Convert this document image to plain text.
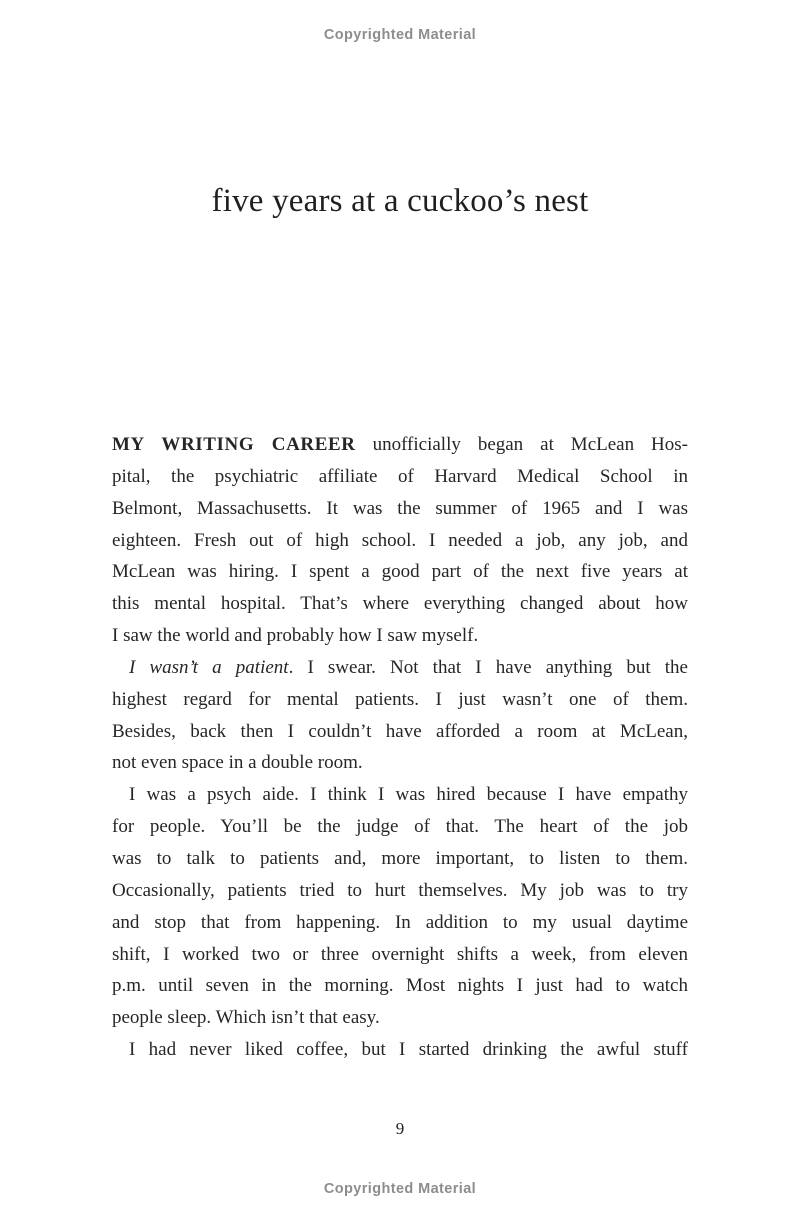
Copyrighted Material
five years at a cuckoo’s nest
MY WRITING CAREER unofficially began at McLean Hos-
pital, the psychiatric affiliate of Harvard Medical School in
Belmont, Massachusetts. It was the summer of 1965 and I was
eighteen. Fresh out of high school. I needed a job, any job, and
McLean was hiring. I spent a good part of the next five years at
this mental hospital. That’s where everything changed about how
I saw the world and probably how I saw myself.
I wasn’t a patient. I swear. Not that I have anything but the
highest regard for mental patients. I just wasn’t one of them.
Besides, back then I couldn’t have afforded a room at McLean,
not even space in a double room.
I was a psych aide. I think I was hired because I have empathy
for people. You’ll be the judge of that. The heart of the job
was to talk to patients and, more important, to listen to them.
Occasionally, patients tried to hurt themselves. My job was to try
and stop that from happening. In addition to my usual daytime
shift, I worked two or three overnight shifts a week, from eleven
p.m. until seven in the morning. Most nights I just had to watch
people sleep. Which isn’t that easy.
I had never liked coffee, but I started drinking the awful stuff
9
Copyrighted Material
